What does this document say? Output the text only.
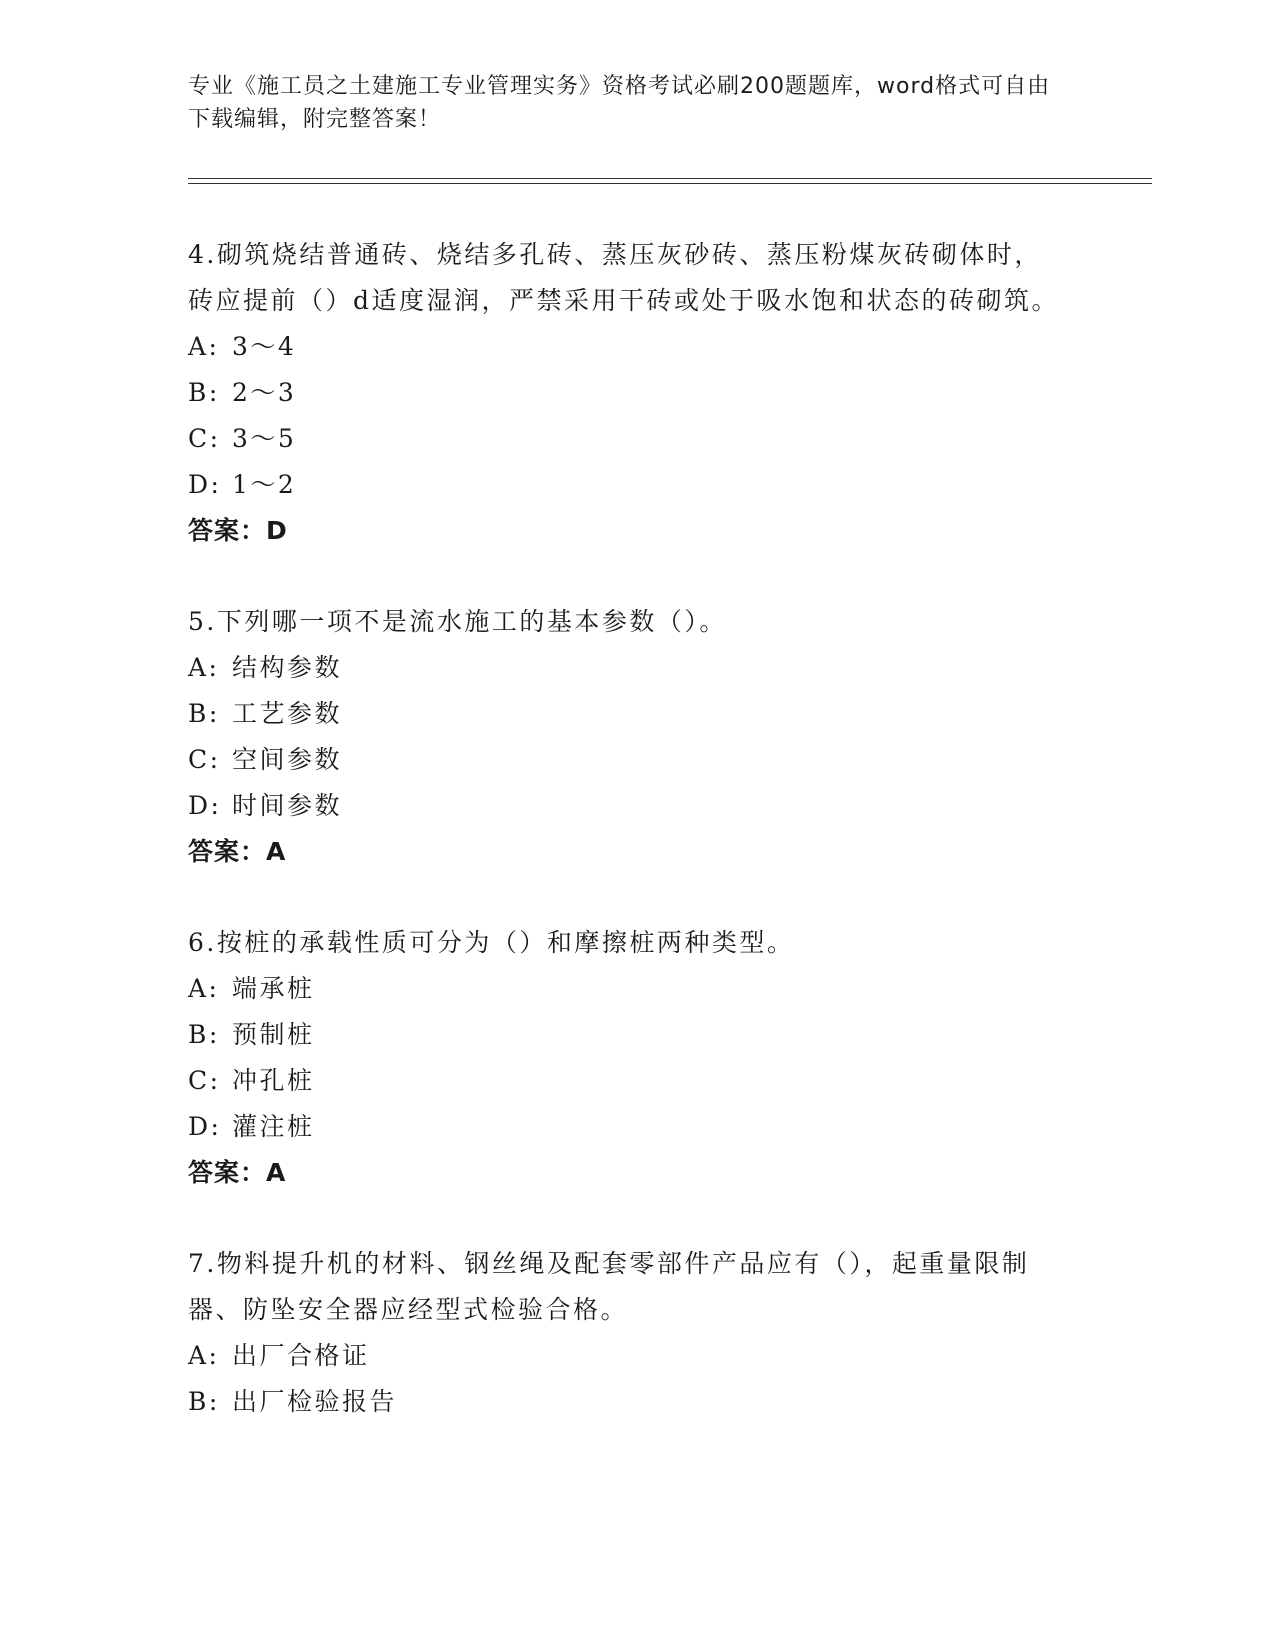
专业《施工员之土建施工专业管理实务》资格考试必刷200题题库，word格式可自由下载编辑，附完整答案！
4.砌筑烧结普通砖、烧结多孔砖、蒸压灰砂砖、蒸压粉煤灰砖砌体时，砖应提前（）d适度湿润，严禁采用干砖或处于吸水饱和状态的砖砌筑。
A: 3～4
B: 2～3
C: 3～5
D: 1～2
答案：D
5.下列哪一项不是流水施工的基本参数（）。
A: 结构参数
B: 工艺参数
C: 空间参数
D: 时间参数
答案：A
6.按桩的承载性质可分为（）和摩擦桩两种类型。
A: 端承桩
B: 预制桩
C: 冲孔桩
D: 灌注桩
答案：A
7.物料提升机的材料、钢丝绳及配套零部件产品应有（），起重量限制器、防坠安全器应经型式检验合格。
A: 出厂合格证
B: 出厂检验报告
